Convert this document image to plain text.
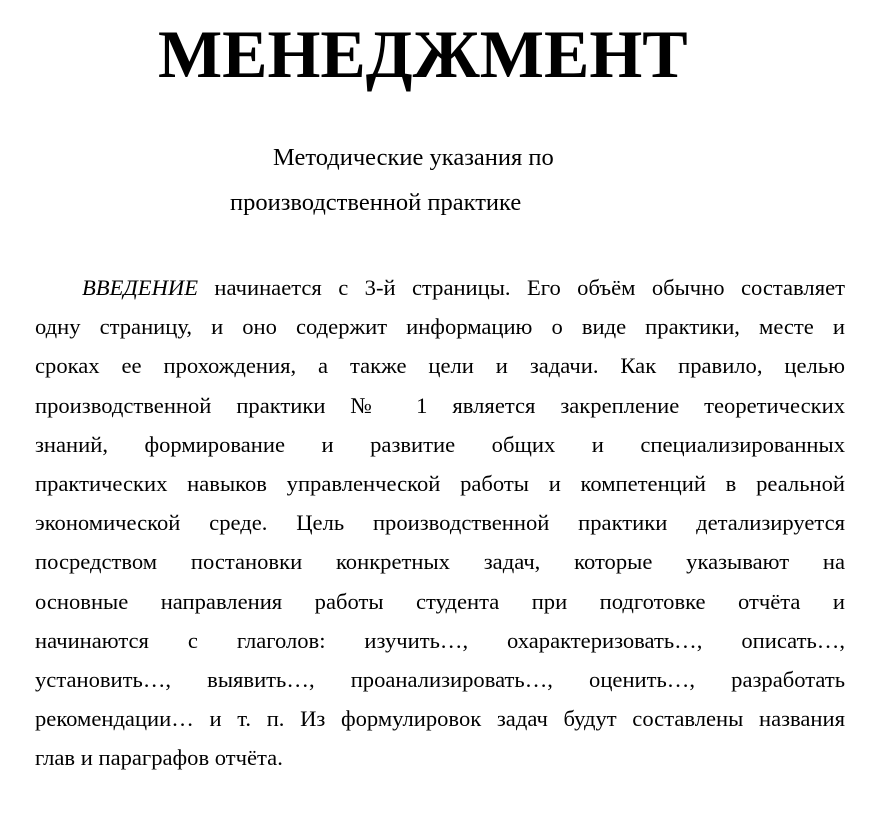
МЕНЕДЖМЕНТ
Методические указания по
производственной практике
ВВЕДЕНИЕ начинается с 3-й страницы. Его объём обычно составляет
одну страницу, и оно содержит информацию о виде практики, месте и
сроках ее прохождения, а также цели и задачи. Как правило, целью
производственной практики № 1 является закрепление теоретических
знаний, формирование и развитие общих и специализированных
практических навыков управленческой работы и компетенций в реальной
экономической среде. Цель производственной практики детализируется
посредством постановки конкретных задач, которые указывают на
основные направления работы студента при подготовке отчёта и
начинаются с глаголов: изучить…, охарактеризовать…, описать…,
установить…, выявить…, проанализировать…, оценить…, разработать
рекомендации… и т. п. Из формулировок задач будут составлены названия
глав и параграфов отчёта.
